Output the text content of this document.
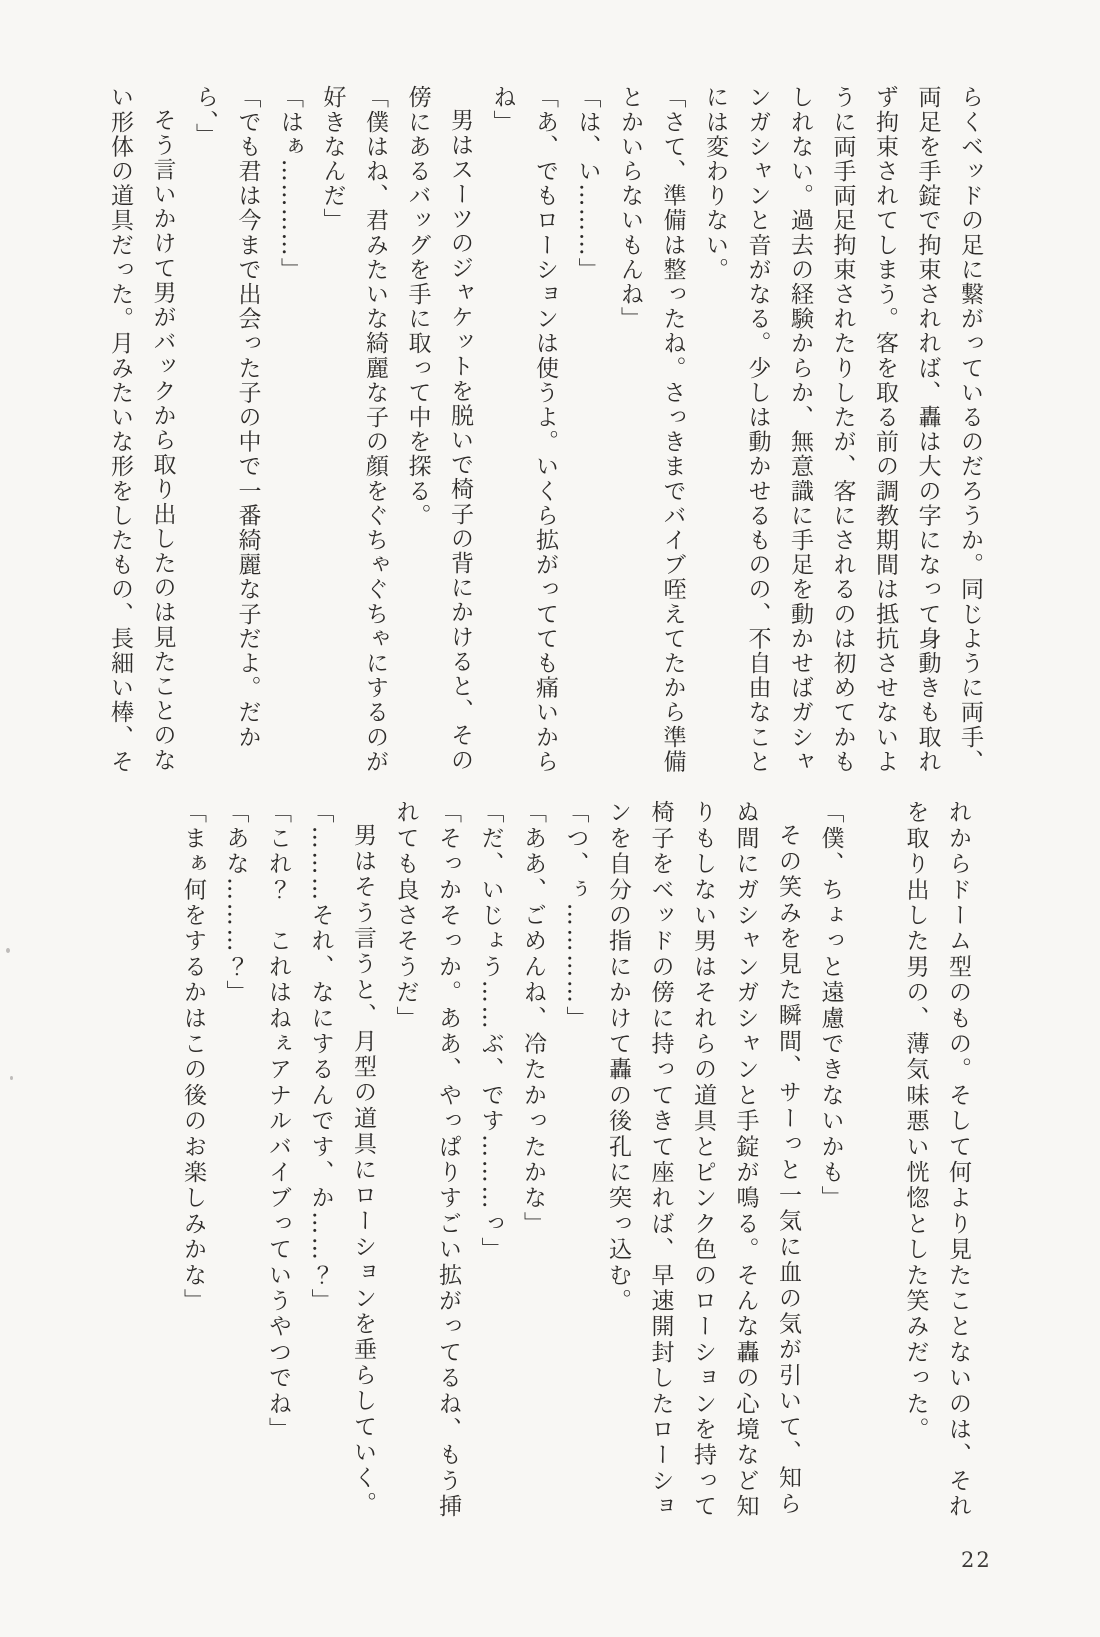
らくベッドの足に繋がっているのだろうか。同じように両手、両足を手錠で拘束されれば、轟は大の字になって身動きも取れず拘束されてしまう。客を取る前の調教期間は抵抗させないように両手両足拘束されたりしたが、客にされるのは初めてかもしれない。過去の経験からか、無意識に手足を動かせばガシャンガシャンと音がなる。少しは動かせるものの、不自由なことには変わりない。

「さて、準備は整ったね。さっきまでバイブ咥えてたから準備とかいらないもんね」

「は、い………」

「あ、でもローションは使うよ。いくら拡がってても痛いからね」

男はスーツのジャケットを脱いで椅子の背にかけると、その傍にあるバッグを手に取って中を探る。

「僕はね、君みたいな綺麗な子の顔をぐちゃぐちゃにするのが好きなんだ」

「はぁ…………」

「でも君は今まで出会った子の中で一番綺麗な子だよ。だから、」

そう言いかけて男がバックから取り出したのは見たことのない形体の道具だった。月みたいな形をしたもの、長細い棒、そ

れからドーム型のもの。そして何より見たことないのは、それを取り出した男の、薄気味悪い恍惚とした笑みだった。

「僕、ちょっと遠慮できないかも」

その笑みを見た瞬間、サーっと一気に血の気が引いて、知らぬ間にガシャンガシャンと手錠が鳴る。そんな轟の心境など知りもしない男はそれらの道具とピンク色のローションを持って椅子をベッドの傍に持ってきて座れば、早速開封したローションを自分の指にかけて轟の後孔に突っ込む。

「つ、ぅ…………」

「ああ、ごめんね、冷たかったかな」

「だ、いじょう……ぶ、です………っ」

「そっかそっか。ああ、やっぱりすごい拡がってるね、もう挿れても良さそうだ」

男はそう言うと、月型の道具にローションを垂らしていく。

「………それ、なにするんです、か……？」

「これ？　これはねぇアナルバイブっていうやつでね」

「あな………？」

「まぁ何をするかはこの後のお楽しみかな」

22
